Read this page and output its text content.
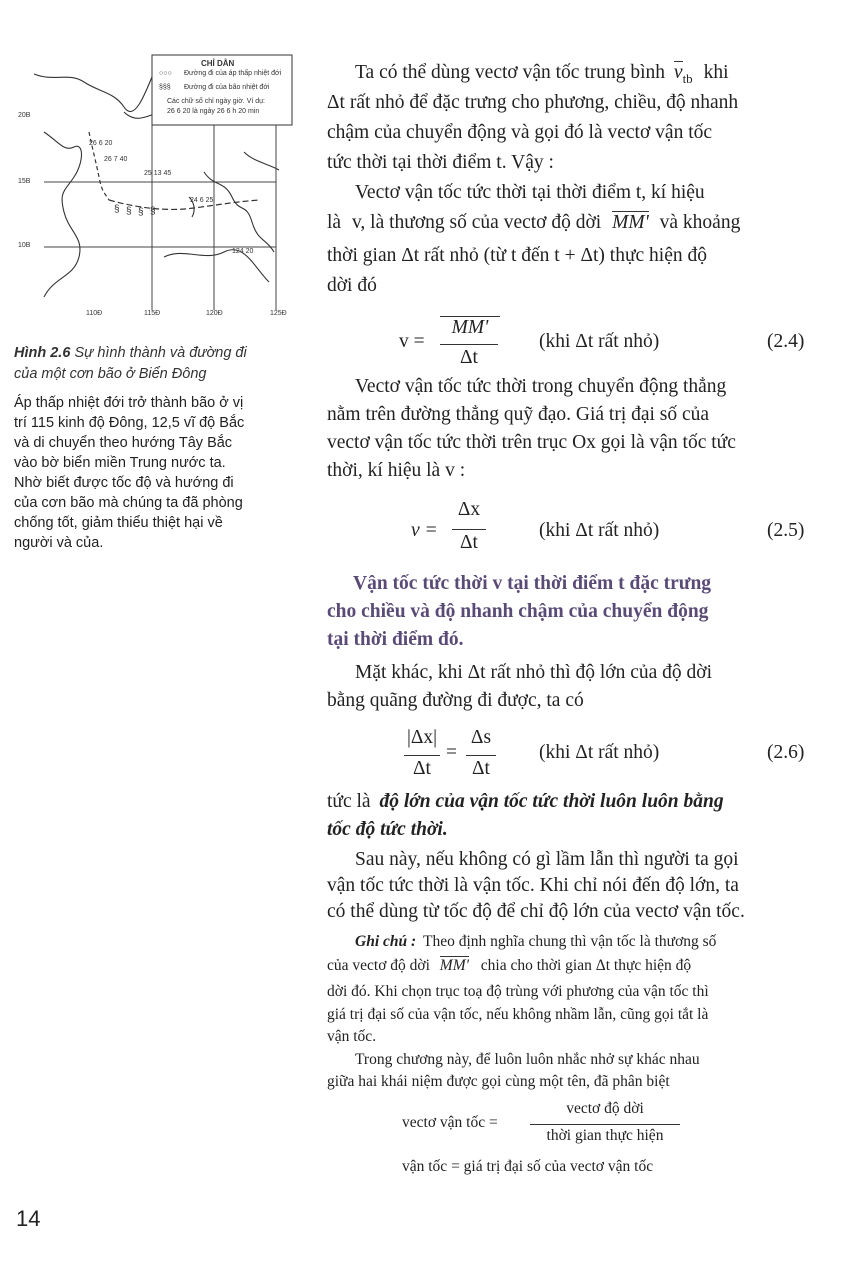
§ § § §
CHỈ DẪN
○○○ Đường đi của áp thấp nhiệt đới
§§§ Đường đi của bão nhiệt đới
Các chữ số chỉ ngày giờ. Ví dụ:
26 6 20 là ngày 26 6 h 20 min
20B
15B
10B
110Đ	115Đ	120Đ	125Đ
26 6 20
26 7 40
25 13 45
24 6 25
124 20
Hình 2.6 Sự hình thành và đường đi
của một cơn bão ở Biển Đông
Áp thấp nhiệt đới trở thành bão ở vị
trí 115 kinh độ Đông, 12,5 vĩ độ Bắc
và di chuyển theo hướng Tây Bắc
vào bờ biển miền Trung nước ta.
Nhờ biết được tốc độ và hướng đi
của cơn bão mà chúng ta đã phòng
chống tốt, giảm thiểu thiệt hại về
người và của.
14
Ta có thể dùng vectơ vận tốc trung bình $v_{tb}$ khi
Δt rất nhỏ để đặc trưng cho phương, chiều, độ nhanh
chậm của chuyển động và gọi đó là vectơ vận tốc
tức thời tại thời điểm t. Vậy :
Vectơ vận tốc tức thời tại thời điểm t, kí hiệu
là v, là thương số của vectơ độ dời MM' và khoảng
thời gian Δt rất nhỏ (từ t đến t + Δt) thực hiện độ
dời đó
v =
MM'
Δt
(khi Δt rất nhỏ)	(2.4)
Vectơ vận tốc tức thời trong chuyển động thẳng
nằm trên đường thẳng quỹ đạo. Giá trị đại số của
vectơ vận tốc tức thời trên trục Ox gọi là vận tốc tức
thời, kí hiệu là v :
v =
Δx
Δt
(khi Δt rất nhỏ)	(2.5)
Vận tốc tức thời v tại thời điểm t đặc trưng
cho chiều và độ nhanh chậm của chuyển động
tại thời điểm đó.
Mặt khác, khi Δt rất nhỏ thì độ lớn của độ dời
bằng quãng đường đi được, ta có
|Δx|
Δt
=
Δs
Δt
(khi Δt rất nhỏ)	(2.6)
tức là độ lớn của vận tốc tức thời luôn luôn bằng
tốc độ tức thời.
Sau này, nếu không có gì lầm lẫn thì người ta gọi
vận tốc tức thời là vận tốc. Khi chỉ nói đến độ lớn, ta
có thể dùng từ tốc độ để chỉ độ lớn của vectơ vận tốc.
Ghi chú : Theo định nghĩa chung thì vận tốc là thương số
của vectơ độ dời MM' chia cho thời gian Δt thực hiện độ
dời đó. Khi chọn trục toạ độ trùng với phương của vận tốc thì
giá trị đại số của vận tốc, nếu không nhầm lẫn, cũng gọi tắt là
vận tốc.
Trong chương này, để luôn luôn nhắc nhở sự khác nhau
giữa hai khái niệm được gọi cùng một tên, đã phân biệt
vectơ vận tốc =
vectơ độ dời
thời gian thực hiện
vận tốc = giá trị đại số của vectơ vận tốc
